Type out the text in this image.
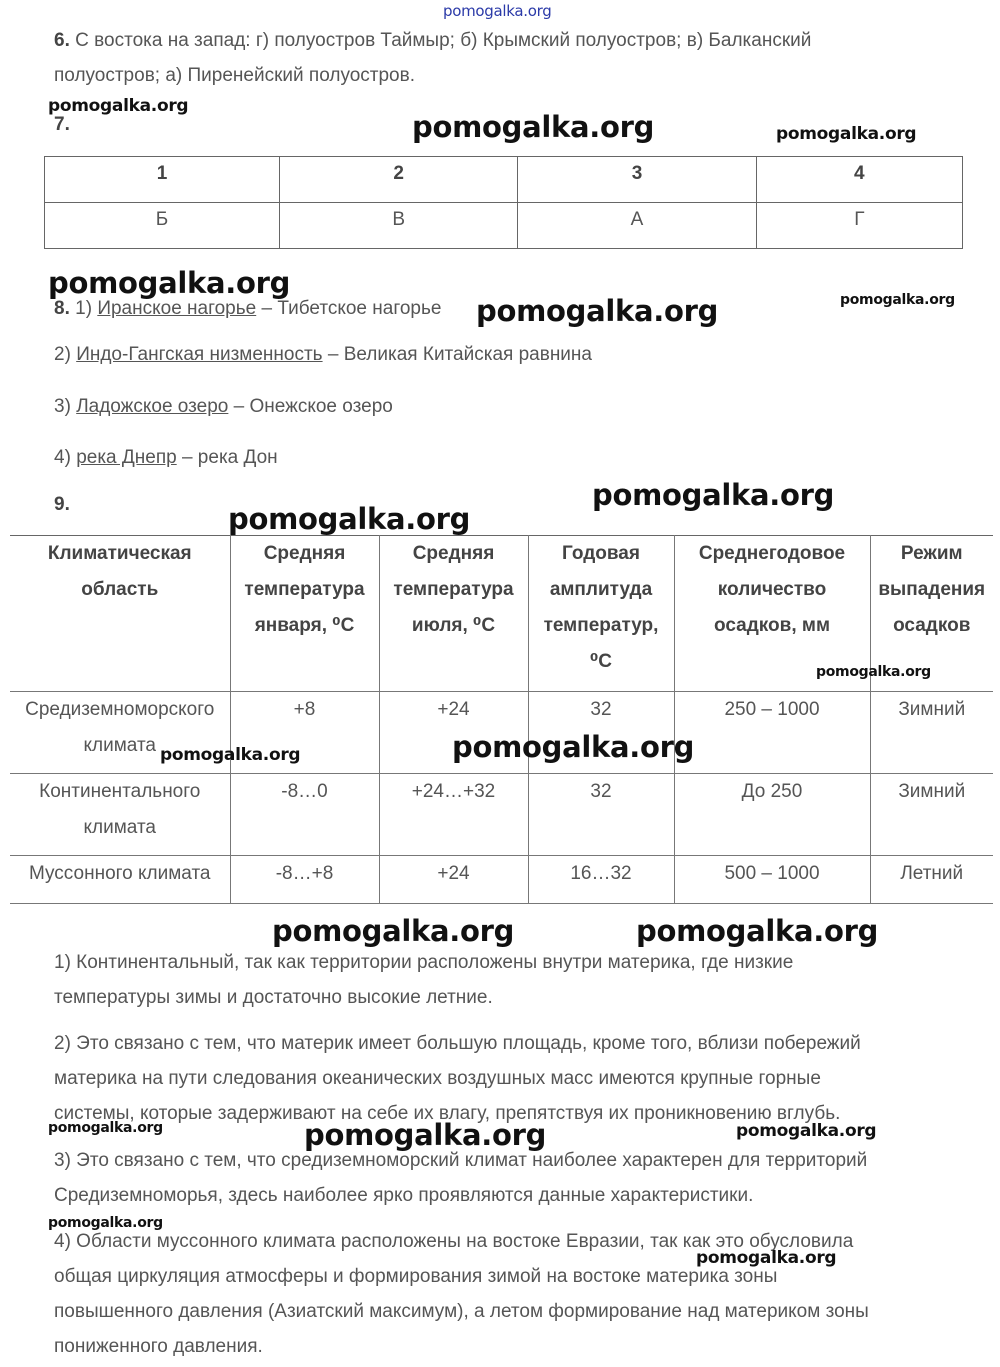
pomogalka.org
6. С востока на запад: г) полуостров Таймыр; б) Крымский полуостров; в) Балканский
полуостров; а) Пиренейский полуостров.
7.
1	2	3	4
Б	В	А	Г
8. 1) Иранское нагорье – Тибетское нагорье
2) Индо-Гангская низменность – Великая Китайская равнина
3) Ладожское озеро – Онежское озеро
4) река Днепр – река Дон
9.
Климатическая область	Средняя температура января, ⁰С	Средняя температура июля, ⁰С	Годовая амплитуда температур, ⁰С	Среднегодовое количество осадков, мм	Режим выпадения осадков
Средиземноморского климата	+8	+24	32	250 – 1000	Зимний
Континентального климата	-8…0	+24…+32	32	До 250	Зимний
Муссонного климата	-8…+8	+24	16…32	500 – 1000	Летний
1) Континентальный, так как территории расположены внутри материка, где низкие
температуры зимы и достаточно высокие летние.
2) Это связано с тем, что материк имеет большую площадь, кроме того, вблизи побережий
материка на пути следования океанических воздушных масс имеются крупные горные
системы, которые задерживают на себе их влагу, препятствуя их проникновению вглубь.
3) Это связано с тем, что средиземноморский климат наиболее характерен для территорий
Средиземноморья, здесь наиболее ярко проявляются данные характеристики.
4) Области муссонного климата расположены на востоке Евразии, так как это обусловила
общая циркуляция атмосферы и формирования зимой на востоке материка зоны
повышенного давления (Азиатский максимум), а летом формирование над материком зоны
пониженного давления.
pomogalka.org
pomogalka.org	pomogalka.org
pomogalka.org
pomogalka.org	pomogalka.org
pomogalka.org
pomogalka.org
pomogalka.org
pomogalka.org	pomogalka.org
pomogalka.org	pomogalka.org
pomogalka.org	pomogalka.org	pomogalka.org
pomogalka.org
pomogalka.org
